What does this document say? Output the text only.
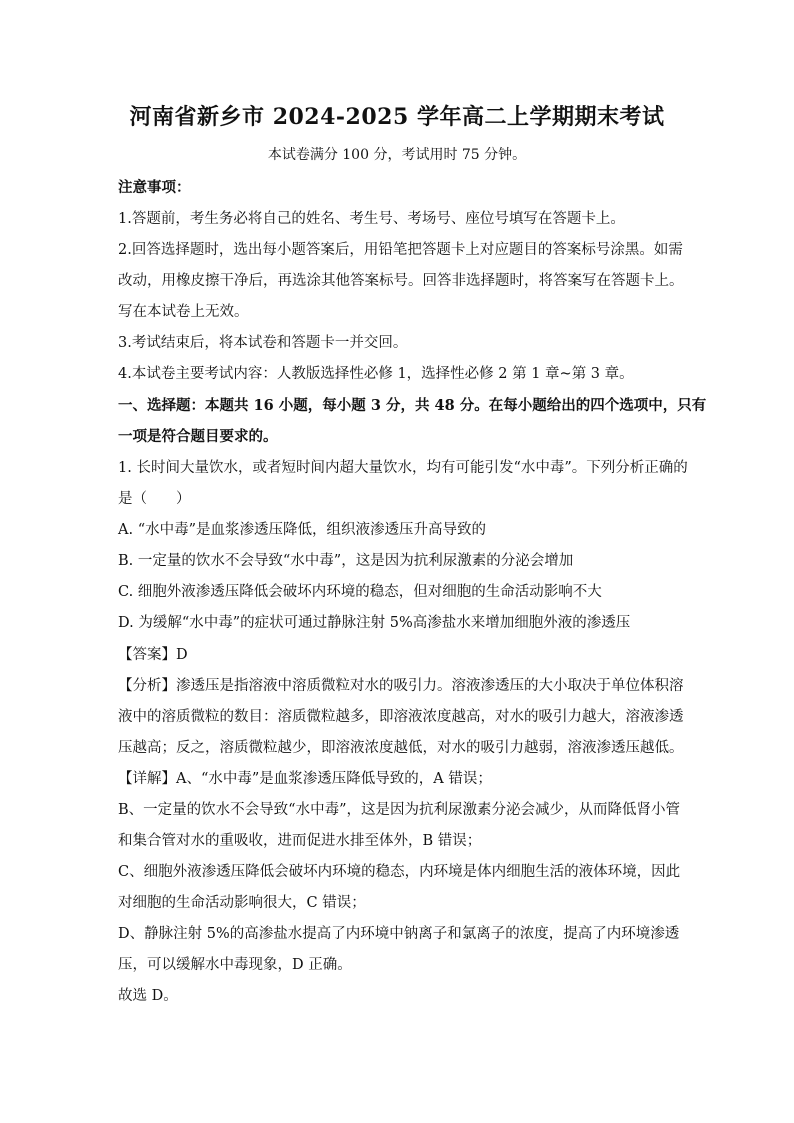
河南省新乡市 2024-2025 学年高二上学期期末考试
本试卷满分 100 分，考试用时 75 分钟。
注意事项：
1.答题前，考生务必将自己的姓名、考生号、考场号、座位号填写在答题卡上。
2.回答选择题时，选出每小题答案后，用铅笔把答题卡上对应题目的答案标号涂黑。如需
改动，用橡皮擦干净后，再选涂其他答案标号。回答非选择题时，将答案写在答题卡上。
写在本试卷上无效。
3.考试结束后，将本试卷和答题卡一并交回。
4.本试卷主要考试内容：人教版选择性必修 1，选择性必修 2 第 1 章~第 3 章。
一、选择题：本题共 16 小题，每小题 3 分，共 48 分。在每小题给出的四个选项中，只有
一项是符合题目要求的。
1. 长时间大量饮水，或者短时间内超大量饮水，均有可能引发“水中毒”。下列分析正确的
是（　　）
A. “水中毒”是血浆渗透压降低，组织液渗透压升高导致的
B. 一定量的饮水不会导致“水中毒”，这是因为抗利尿激素的分泌会增加
C. 细胞外液渗透压降低会破坏内环境的稳态，但对细胞的生命活动影响不大
D. 为缓解“水中毒”的症状可通过静脉注射 5%高渗盐水来增加细胞外液的渗透压
【答案】D
【分析】渗透压是指溶液中溶质微粒对水的吸引力。溶液渗透压的大小取决于单位体积溶
液中的溶质微粒的数目：溶质微粒越多，即溶液浓度越高，对水的吸引力越大，溶液渗透
压越高；反之，溶质微粒越少，即溶液浓度越低，对水的吸引力越弱，溶液渗透压越低。
【详解】A、“水中毒”是血浆渗透压降低导致的，A 错误；
B、一定量的饮水不会导致“水中毒”，这是因为抗利尿激素分泌会减少，从而降低肾小管
和集合管对水的重吸收，进而促进水排至体外，B 错误；
C、细胞外液渗透压降低会破坏内环境的稳态，内环境是体内细胞生活的液体环境，因此
对细胞的生命活动影响很大，C 错误；
D、静脉注射 5%的高渗盐水提高了内环境中钠离子和氯离子的浓度，提高了内环境渗透
压，可以缓解水中毒现象，D 正确。
故选 D。
